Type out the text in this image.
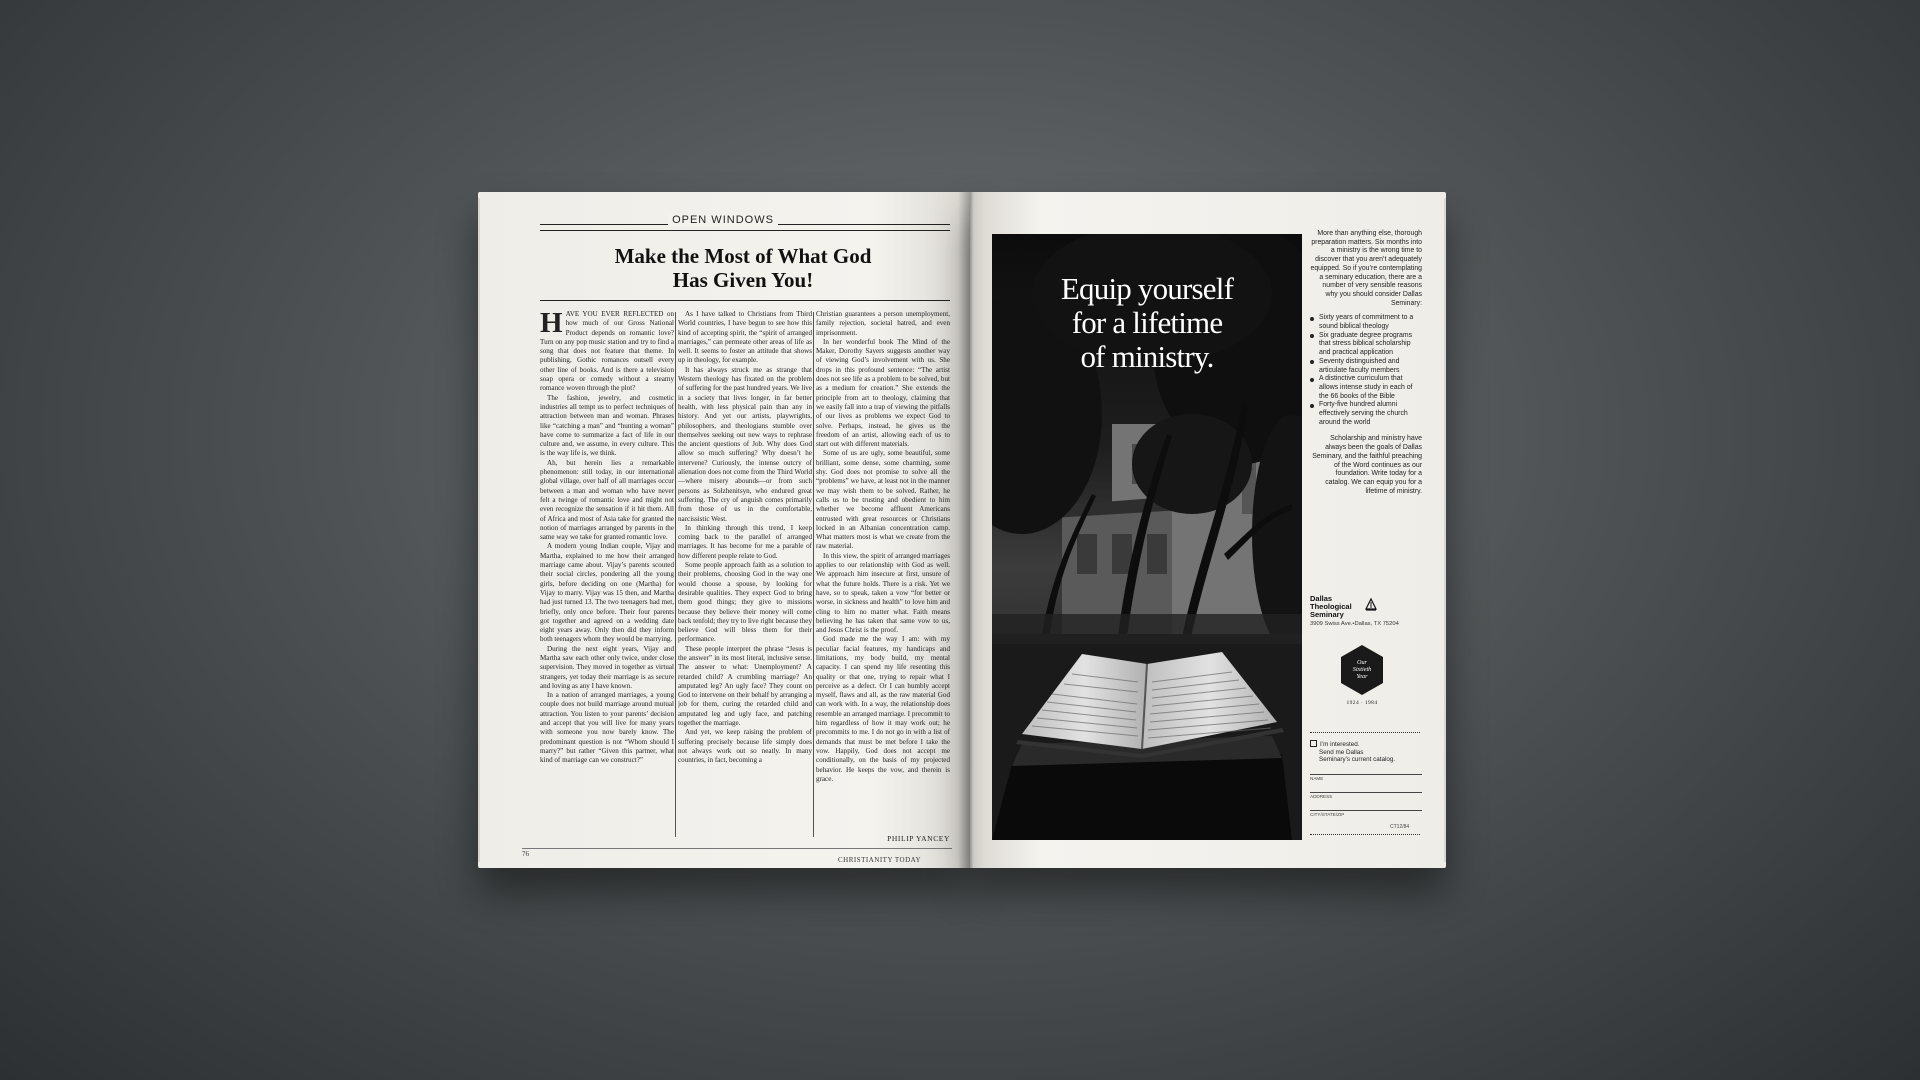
OPEN WINDOWS
Make the Most of What God
Has Given You!
H AVE YOU EVER REFLECTED on how much of our Gross National Product depends on romantic love? Turn on any pop music station and try to find a song that does not feature that theme. In publishing, Gothic romances outsell every other line of books. And is there a television soap opera or comedy without a steamy romance woven through the plot?

The fashion, jewelry, and cosmetic industries all tempt us to perfect techniques of attraction between man and woman. Phrases like “catching a man” and “hunting a woman” have come to summarize a fact of life in our culture and, we assume, in every culture. This is the way life is, we think.

Ah, but herein lies a remarkable phenomenon: still today, in our international global village, over half of all marriages occur between a man and woman who have never felt a twinge of romantic love and might not even recognize the sensation if it hit them. All of Africa and most of Asia take for granted the notion of marriages arranged by parents in the same way we take for granted romantic love.

A modern young Indian couple, Vijay and Martha, explained to me how their arranged marriage came about. Vijay’s parents scouted their social circles, pondering all the young girls, before deciding on one (Martha) for Vijay to marry. Vijay was 15 then, and Martha had just turned 13. The two teenagers had met, briefly, only once before. Their four parents got together and agreed on a wedding date eight years away. Only then did they inform both teenagers whom they would be marrying.

During the next eight years, Vijay and Martha saw each other only twice, under close supervision. They moved in together as virtual strangers, yet today their marriage is as secure and loving as any I have known.

In a nation of arranged marriages, a young couple does not build marriage around mutual attraction. You listen to your parents’ decision and accept that you will live for many years with someone you now barely know. The predominant question is not “Whom should I marry?” but rather “Given this partner, what kind of marriage can we construct?”

As I have talked to Christians from Third World countries, I have begun to see how this kind of accepting spirit, the “spirit of arranged marriages,” can permeate other areas of life as well. It seems to foster an attitude that shows up in theology, for example.

It has always struck me as strange that Western theology has fixated on the problem of suffering for the past hundred years. We live in a society that lives longer, in far better health, with less physical pain than any in history. And yet our artists, playwrights, philosophers, and theologians stumble over themselves seeking out new ways to rephrase the ancient questions of Job. Why does God allow so much suffering? Why doesn’t he intervene? Curiously, the intense outcry of alienation does not come from the Third World—where misery abounds—or from such persons as Solzhenitsyn, who endured great suffering. The cry of anguish comes primarily from those of us in the comfortable, narcissistic West.

In thinking through this trend, I keep coming back to the parallel of arranged marriages. It has become for me a parable of how different people relate to God.

Some people approach faith as a solution to their problems, choosing God in the way one would choose a spouse, by looking for desirable qualities. They expect God to bring them good things; they give to missions because they believe their money will come back tenfold; they try to live right because they believe God will bless them for their performance.

These people interpret the phrase “Jesus is the answer” in its most literal, inclusive sense. The answer to what: Unemployment? A retarded child? A crumbling marriage? An amputated leg? An ugly face? They count on God to intervene on their behalf by arranging a job for them, curing the retarded child and amputated leg and ugly face, and patching together the marriage.

And yet, we keep raising the problem of suffering precisely because life simply does not always work out so neatly. In many countries, in fact, becoming a

Christian guarantees a person unemployment, family rejection, societal hatred, and even imprisonment.

In her wonderful book The Mind of the Maker, Dorothy Sayers suggests another way of viewing God’s involvement with us. She drops in this profound sentence: “The artist does not see life as a problem to be solved, but as a medium for creation.” She extends the principle from art to theology, claiming that we easily fall into a trap of viewing the pitfalls of our lives as problems we expect God to solve. Perhaps, instead, he gives us the freedom of an artist, allowing each of us to start out with different materials.

Some of us are ugly, some beautiful, some brilliant, some dense, some charming, some shy. God does not promise to solve all the “problems” we have, at least not in the manner we may wish them to be solved. Rather, he calls us to be trusting and obedient to him whether we become affluent Americans entrusted with great resources or Christians locked in an Albanian concentration camp. What matters most is what we create from the raw material.

In this view, the spirit of arranged marriages applies to our relationship with God as well. We approach him insecure at first, unsure of what the future holds. There is a risk. Yet we have, so to speak, taken a vow “for better or worse, in sickness and health” to love him and cling to him no matter what. Faith means believing he has taken that same vow to us, and Jesus Christ is the proof.

God made me the way I am: with my peculiar facial features, my handicaps and limitations, my body build, my mental capacity. I can spend my life resenting this quality or that one, trying to repair what I perceive as a defect. Or I can humbly accept myself, flaws and all, as the raw material God can work with. In a way, the relationship does resemble an arranged marriage. I precommit to him regardless of how it may work out; he precommits to me. I do not go in with a list of demands that must be met before I take the vow. Happily, God does not accept me conditionally, on the basis of my projected behavior. He keeps the vow, and therein is grace.

PHILIP YANCEY
76
CHRISTIANITY TODAY
Equip yourself
for a lifetime
of ministry.

More than anything else, thorough preparation matters. Six months into a ministry is the wrong time to discover that you aren’t adequately equipped. So if you’re contemplating a seminary education, there are a number of very sensible reasons why you should consider Dallas Seminary:

Sixty years of commitment to a sound biblical theology
Six graduate degree programs that stress biblical scholarship and practical application
Seventy distinguished and articulate faculty members
A distinctive curriculum that allows intense study in each of the 66 books of the Bible
Forty-five hundred alumni effectively serving the church around the world

Scholarship and ministry have always been the goals of Dallas Seminary, and the faithful preaching of the Word continues as our foundation. Write today for a catalog. We can equip you for a lifetime of ministry.

Dallas
Theological
Seminary
3909 Swiss Ave.•Dallas, TX 75204
Our
Sixtieth
Year
1924 · 1984
I’m interested.
Send me Dallas
Seminary’s current catalog.
NAME
ADDRESS
CITY/STATE/ZIP
CT12/84
